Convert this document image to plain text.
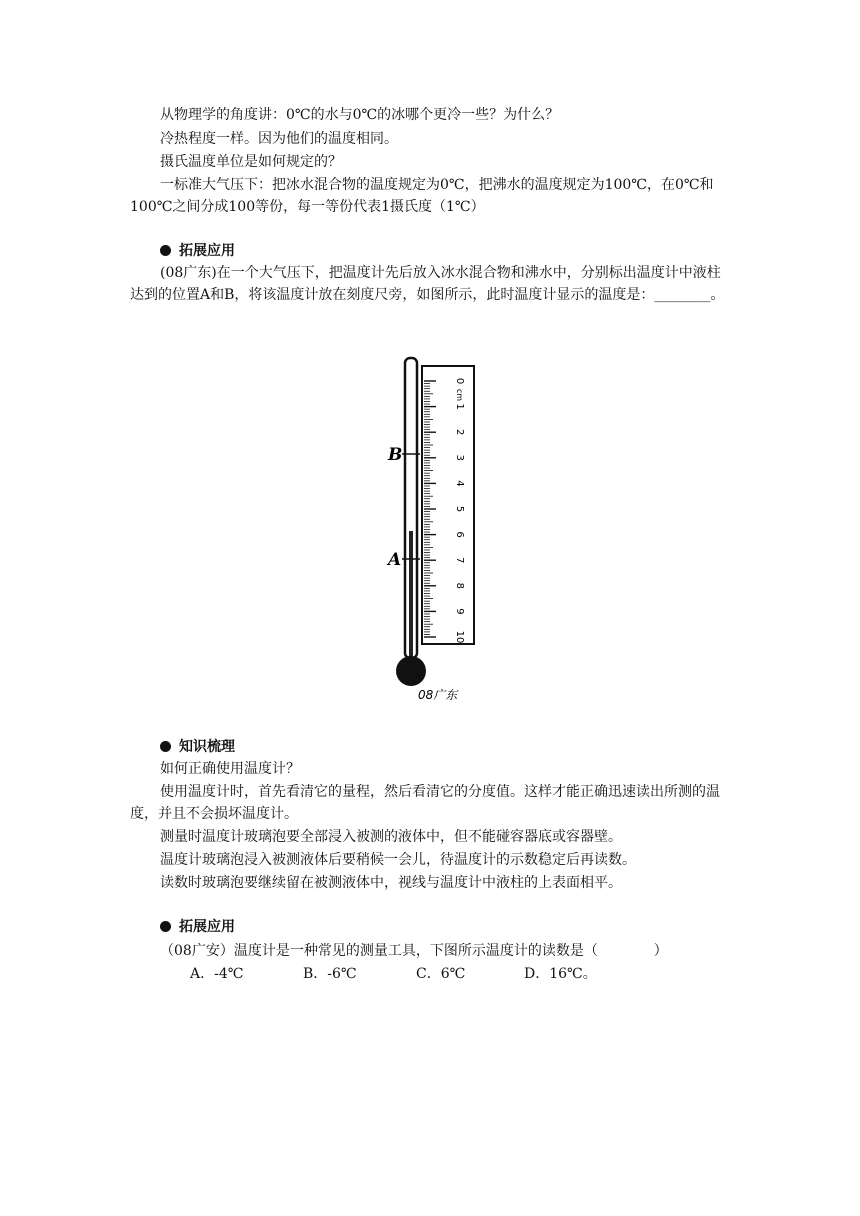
从物理学的角度讲：0℃的水与0℃的冰哪个更冷一些？为什么？
冷热程度一样。因为他们的温度相同。
摄氏温度单位是如何规定的？
一标准大气压下：把冰水混合物的温度规定为0℃，把沸水的温度规定为100℃，在0℃和100℃之间分成100等份，每一等份代表1摄氏度（1℃）
拓展应用
(08广东)在一个大气压下，把温度计先后放入冰水混合物和沸水中，分别标出温度计中液柱达到的位置A和B，将该温度计放在刻度尺旁，如图所示，此时温度计显示的温度是：________。
0
1
2
3
4
5
6
7
8
9
10
cm
B
A
08广东
知识梳理
如何正确使用温度计？
使用温度计时，首先看清它的量程，然后看清它的分度值。这样才能正确迅速读出所测的温度，并且不会损坏温度计。
测量时温度计玻璃泡要全部浸入被测的液体中，但不能碰容器底或容器壁。
温度计玻璃泡浸入被测液体后要稍候一会儿，待温度计的示数稳定后再读数。
读数时玻璃泡要继续留在被测液体中，视线与温度计中液柱的上表面相平。
拓展应用
（08广安）温度计是一种常见的测量工具，下图所示温度计的读数是（　　　　）
A．-4℃	B．-6℃	C．6℃	D．16℃。
